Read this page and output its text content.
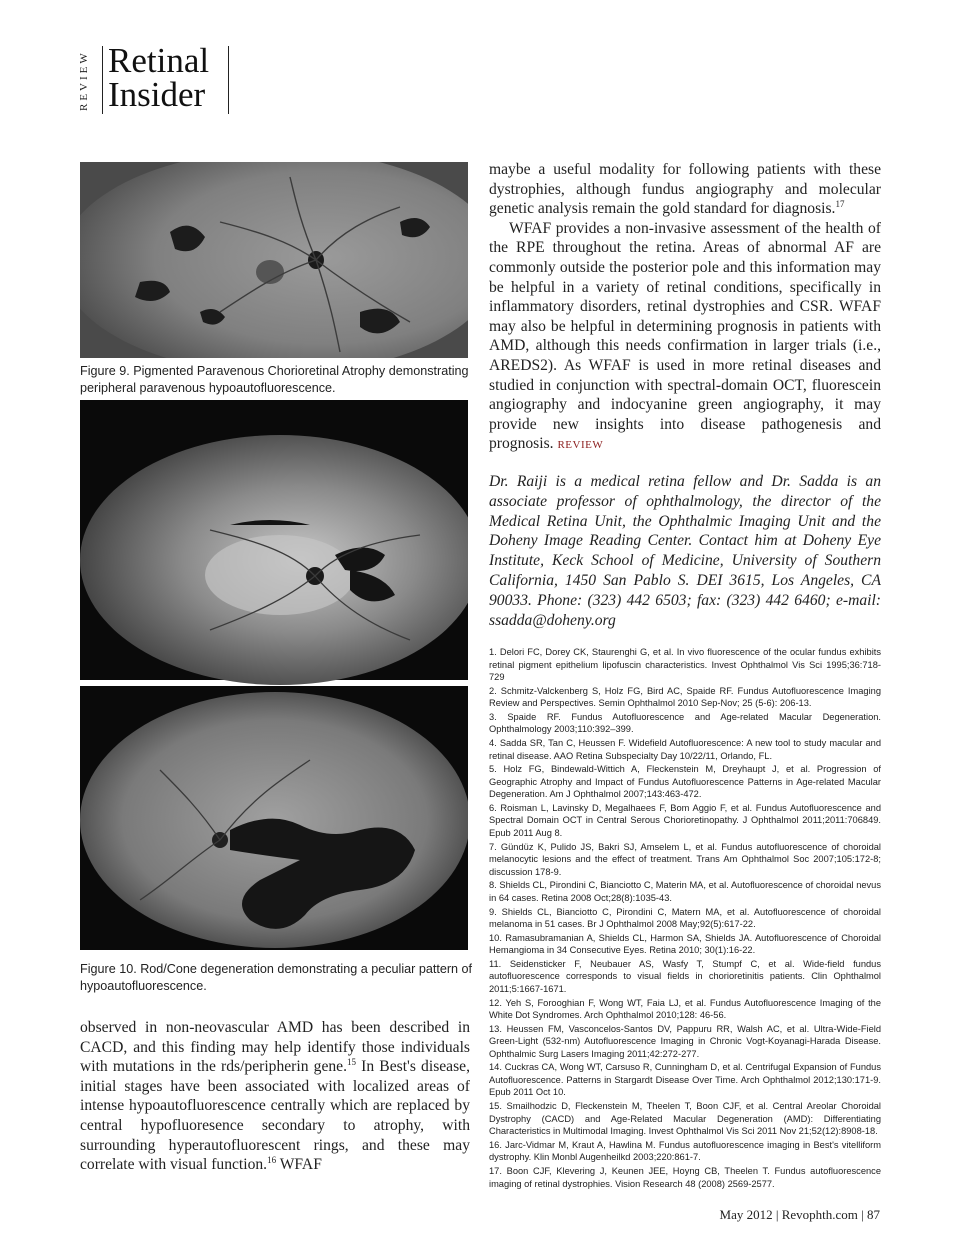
REVIEW Retinal
Insider
Figure 9. Pigmented Paravenous Chorioretinal Atrophy demonstrating peripheral paravenous hypoautofluorescence.
Figure 10. Rod/Cone degeneration demonstrating a peculiar pattern of hypoautofluorescence.

maybe a useful modality for following patients with these dystrophies, although fundus angiography and molecular genetic analysis remain the gold standard for diagnosis.$^{17}$

WFAF provides a non-invasive assessment of the health of the RPE throughout the retina. Areas of abnormal AF are commonly outside the posterior pole and this information may be helpful in a variety of retinal conditions, specifically in inflammatory disorders, retinal dystrophies and CSR. WFAF may also be helpful in determining prognosis in patients with AMD, although this needs confirmation in larger trials (i.e., AREDS2). As WFAF is used in more retinal diseases and studied in conjunction with spectral-domain OCT, fluorescein angiography and indocyanine green angiography, it may provide new insights into disease pathogenesis and prognosis. REVIEW

Dr. Raiji is a medical retina fellow and Dr. Sadda is an associate professor of ophthalmology, the director of the Medical Retina Unit, the Ophthalmic Imaging Unit and the Doheny Image Reading Center. Contact him at Doheny Eye Institute, Keck School of Medicine, University of Southern California, 1450 San Pablo S. DEI 3615, Los Angeles, CA 90033. Phone: (323) 442 6503; fax: (323) 442 6460; e-mail: ssadda@doheny.org

1. Delori FC, Dorey CK, Staurenghi G, et al. In vivo fluorescence of the ocular fundus exhibits retinal pigment epithelium lipofuscin characteristics. Invest Ophthalmol Vis Sci 1995;36:718-729

2. Schmitz-Valckenberg S, Holz FG, Bird AC, Spaide RF. Fundus Autofluorescence Imaging Review and Perspectives. Semin Ophthalmol 2010 Sep-Nov; 25 (5-6): 206-13.

3. Spaide RF. Fundus Autofluorescence and Age-related Macular Degeneration. Ophthalmology 2003;110:392–399.

4. Sadda SR, Tan C, Heussen F. Widefield Autofluorescence: A new tool to study macular and retinal disease. AAO Retina Subspecialty Day 10/22/11, Orlando, FL.

5. Holz FG, Bindewald-Wittich A, Fleckenstein M, Dreyhaupt J, et al. Progression of Geographic Atrophy and Impact of Fundus Autofluorescence Patterns in Age-related Macular Degeneration. Am J Ophthalmol 2007;143:463-472.

6. Roisman L, Lavinsky D, Megalhaees F, Bom Aggio F, et al. Fundus Autofluorescence and Spectral Domain OCT in Central Serous Chorioretinopathy. J Ophthalmol 2011;2011:706849. Epub 2011 Aug 8.

7. Gündüz K, Pulido JS, Bakri SJ, Amselem L, et al. Fundus autofluorescence of choroidal melanocytic lesions and the effect of treatment. Trans Am Ophthalmol Soc 2007;105:172-8; discussion 178-9.

8. Shields CL, Pirondini C, Bianciotto C, Materin MA, et al. Autofluorescence of choroidal nevus in 64 cases. Retina 2008 Oct;28(8):1035-43.

9. Shields CL, Bianciotto C, Pirondini C, Matern MA, et al. Autofluorescence of choroidal melanoma in 51 cases. Br J Ophthalmol 2008 May;92(5):617-22.

10. Ramasubramanian A, Shields CL, Harmon SA, Shields JA. Autofluorescence of Choroidal Hemangioma in 34 Consecutive Eyes. Retina 2010; 30(1):16-22.

11. Seidensticker F, Neubauer AS, Wasfy T, Stumpf C, et al. Wide-field fundus autofluorescence corresponds to visual fields in chorioretinitis patients. Clin Ophthalmol 2011;5:1667-1671.

12. Yeh S, Forooghian F, Wong WT, Faia LJ, et al. Fundus Autofluorescence Imaging of the White Dot Syndromes. Arch Ophthalmol 2010;128: 46-56.

13. Heussen FM, Vasconcelos-Santos DV, Pappuru RR, Walsh AC, et al. Ultra-Wide-Field Green-Light (532-nm) Autofluorescence Imaging in Chronic Vogt-Koyanagi-Harada Disease. Ophthalmic Surg Lasers Imaging 2011;42:272-277.

14. Cuckras CA, Wong WT, Carsuso R, Cunningham D, et al. Centrifugal Expansion of Fundus Autofluorescence. Patterns in Stargardt Disease Over Time. Arch Ophthalmol 2012;130:171-9. Epub 2011 Oct 10.

15. Smailhodzic D, Fleckenstein M, Theelen T, Boon CJF, et al. Central Areolar Choroidal Dystrophy (CACD) and Age-Related Macular Degeneration (AMD): Differentiating Characteristics in Multimodal Imaging. Invest Ophthalmol Vis Sci 2011 Nov 21;52(12):8908-18.

16. Jarc-Vidmar M, Kraut A, Hawlina M. Fundus autofluorescence imaging in Best's vitelliform dystrophy. Klin Monbl Augenheilkd 2003;220:861-7.

17. Boon CJF, Klevering J, Keunen JEE, Hoyng CB, Theelen T. Fundus autofluorescence imaging of retinal dystrophies. Vision Research 48 (2008) 2569-2577.

observed in non-neovascular AMD has been described in CACD, and this finding may help identify those individuals with mutations in the rds/peripherin gene.$^{15}$ In Best's disease, initial stages have been associated with localized areas of intense hypoautofluorescence centrally which are replaced by central hypofluoresence secondary to atrophy, with surrounding hyperautofluorescent rings, and these may correlate with visual function.$^{16}$ WFAF

May 2012 | Revophth.com | 87
